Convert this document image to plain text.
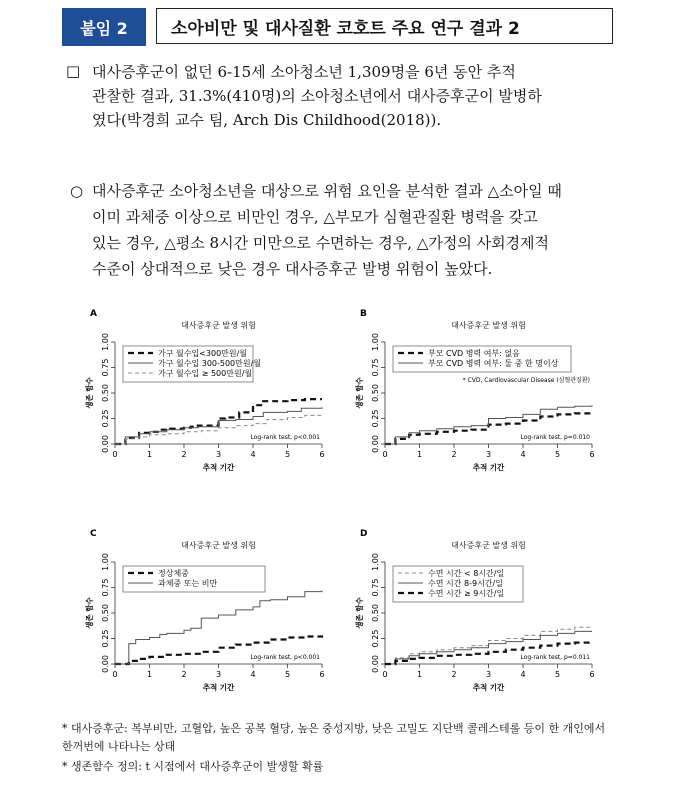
붙임 2	소아비만 및 대사질환 코호트 주요 연구 결과 2
□ 대사증후군이 없던 6-15세 소아청소년 1,309명을 6년 동안 추적
관찰한 결과, 31.3%(410명)의 소아청소년에서 대사증후군이 발병하
였다(박경희 교수 팀, Arch Dis Childhood(2018)).
○ 대사증후군 소아청소년을 대상으로 위험 요인을 분석한 결과 △소아일 때
이미 과체중 이상으로 비만인 경우, △부모가 심혈관질환 병력을 갖고
있는 경우, △평소 8시간 미만으로 수면하는 경우, △가정의 사회경제적
수준이 상대적으로 낮은 경우 대사증후군 발병 위험이 높았다.
A
대사증후군 발생 위험
0	1	2	3	4	5	6
0.00
0.25
0.50
0.75
1.00
추적 기간
생존 함수
가구 월수입<300만원/월
가구 월수입 300-500만원/월
가구 월수입 ≥ 500만원/월
Log-rank test, p<0.001
B
대사증후군 발생 위험
0	1	2	3	4	5	6
0.00
0.25
0.50
0.75
1.00
추적 기간
생존 함수
부모 CVD 병력 여부: 없음
부모 CVD 병력 여부: 둘 중 한 명이상
* CVD, Cardiovascular Disease (심혈관질환)
Log-rank test, p=0.010
C
대사증후군 발생 위험
0	1	2	3	4	5	6
0.00
0.25
0.50
0.75
1.00
추적 기간
생존 함수
정상체중
과체중 또는 비만
Log-rank test, p<0.001
D
대사증후군 발생 위험
0	1	2	3	4	5	6
0.00
0.25
0.50
0.75
1.00
추적 기간
생존 함수
수면 시간 < 8시간/일
수면 시간 8-9시간/일
수면 시간 ≥ 9시간/일
Log-rank test, p=0.011
* 대사증후군: 복부비만, 고혈압, 높은 공복 혈당, 높은 중성지방, 낮은 고밀도 지단백 콜레스테롤 등이 한 개인에서
한꺼번에 나타나는 상태
* 생존함수 정의: t 시점에서 대사증후군이 발생할 확률
